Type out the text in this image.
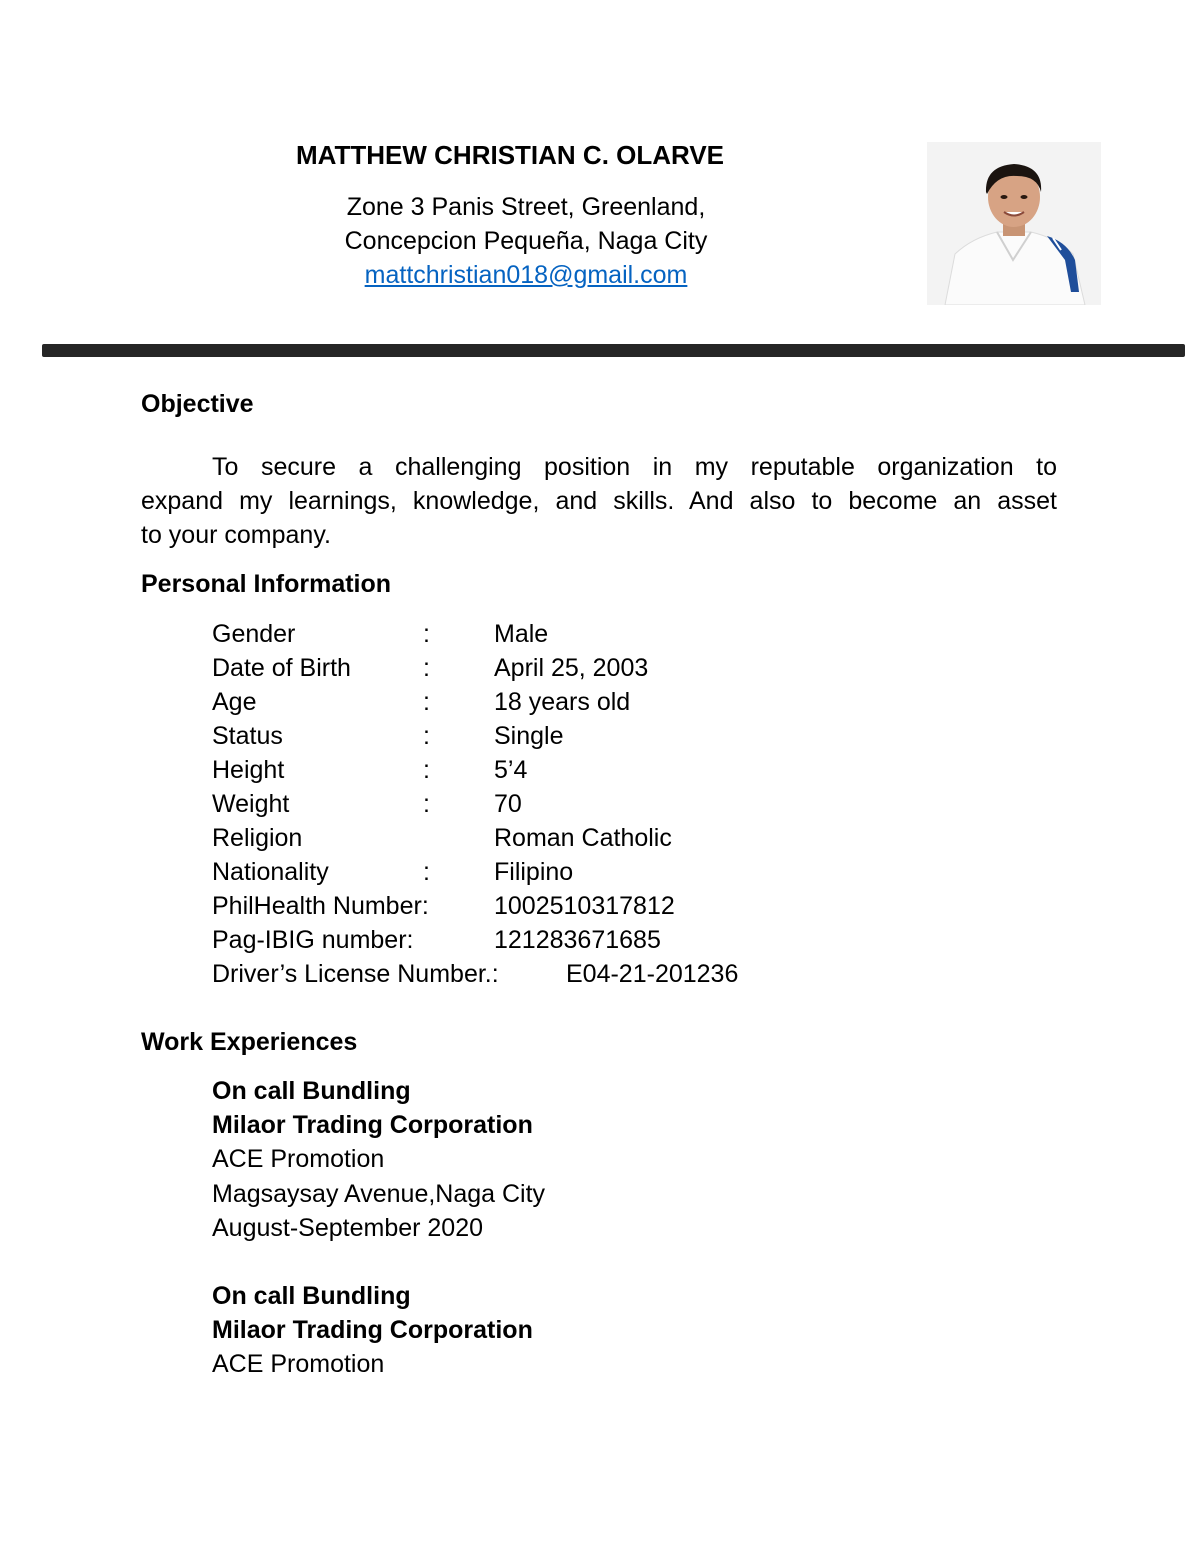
MATTHEW CHRISTIAN C. OLARVE
Zone 3 Panis Street, Greenland,
Concepcion Pequeña, Naga City
mattchristian018@gmail.com
Objective
To secure a challenging position in my reputable organization to
expand my learnings, knowledge, and skills. And also to become an asset
to your company.
Personal Information
Gender	:	Male
Date of Birth	:	April 25, 2003
Age	:	18 years old
Status	:	Single
Height	:	5’4
Weight	:	70
Religion	Roman Catholic
Nationality	:	Filipino
PhilHealth Number:	1002510317812
Pag-IBIG number:	121283671685
Driver’s License Number.:	E04-21-201236
Work Experiences
On call Bundling
Milaor Trading Corporation
ACE Promotion
Magsaysay Avenue,Naga City
August-September 2020
On call Bundling
Milaor Trading Corporation
ACE Promotion
